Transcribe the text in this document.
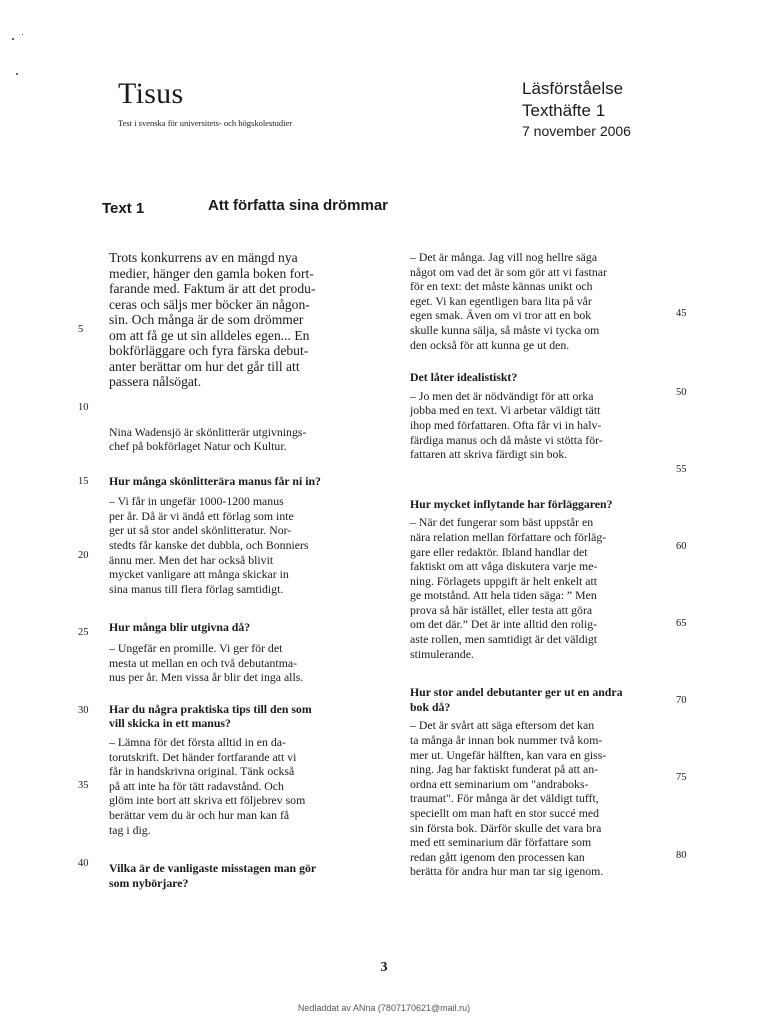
Tisus
Test i svenska för universitets- och högskolestudier
Läsförståelse
Texthäfte 1
7 november 2006
Text 1	Att författa sina drömmar
Trots konkurrens av en mängd nya
medier, hänger den gamla boken fort-
farande med. Faktum är att det produ-
ceras och säljs mer böcker än någon-
sin. Och många är de som drömmer
om att få ge ut sin alldeles egen... En
bokförläggare och fyra färska debut-
anter berättar om hur det går till att
passera nålsögat.
Nina Wadensjö är skönlitterär utgivnings-
chef på bokförlaget Natur och Kultur.
Hur många skönlitterära manus får ni in?
– Vi får in ungefär 1000-1200 manus
per år. Då är vi ändå ett förlag som inte
ger ut så stor andel skönlitteratur. Nor-
stedts får kanske det dubbla, och Bonniers
ännu mer. Men det har också blivit
mycket vanligare att många skickar in
sina manus till flera förlag samtidigt.
Hur många blir utgivna då?
– Ungefär en promille. Vi ger för det
mesta ut mellan en och två debutantma-
nus per år. Men vissa år blir det inga alls.
Har du några praktiska tips till den som
vill skicka in ett manus?
– Lämna för det första alltid in en da-
torutskrift. Det händer fortfarande att vi
får in handskrivna original. Tänk också
på att inte ha för tätt radavstånd. Och
glöm inte bort att skriva ett följebrev som
berättar vem du är och hur man kan få
tag i dig.
Vilka är de vanligaste misstagen man gör
som nybörjare?
– Det är många. Jag vill nog hellre säga
något om vad det är som gör att vi fastnar
för en text: det måste kännas unikt och
eget. Vi kan egentligen bara lita på vår
egen smak. Även om vi tror att en bok
skulle kunna sälja, så måste vi tycka om
den också för att kunna ge ut den.
Det låter idealistiskt?
– Jo men det är nödvändigt för att orka
jobba med en text. Vi arbetar väldigt tätt
ihop med författaren. Ofta får vi in halv-
färdiga manus och då måste vi stötta för-
fattaren att skriva färdigt sin bok.
Hur mycket inflytande har förläggaren?
– När det fungerar som bäst uppstår en
nära relation mellan författare och förläg-
gare eller redaktör. Ibland handlar det
faktiskt om att våga diskutera varje me-
ning. Förlagets uppgift är helt enkelt att
ge motstånd. Att hela tiden säga: ” Men
prova så här istället, eller testa att göra
om det där.” Det är inte alltid den rolig-
aste rollen, men samtidigt är det väldigt
stimulerande.
Hur stor andel debutanter ger ut en andra
bok då?
– Det är svårt att säga eftersom det kan
ta många år innan bok nummer två kom-
mer ut. Ungefär hälften, kan vara en giss-
ning. Jag har faktiskt funderat på att an-
ordna ett seminarium om "andraboks-
traumat". För många är det väldigt tufft,
speciellt om man haft en stor succé med
sin första bok. Därför skulle det vara bra
med ett seminarium där författare som
redan gått igenom den processen kan
berätta för andra hur man tar sig igenom.
5
10
15
20
25
30
35
40
45
50
55
60
65
70
75
80
3
Nedladdat av ANna (7807170621@mail.ru)
